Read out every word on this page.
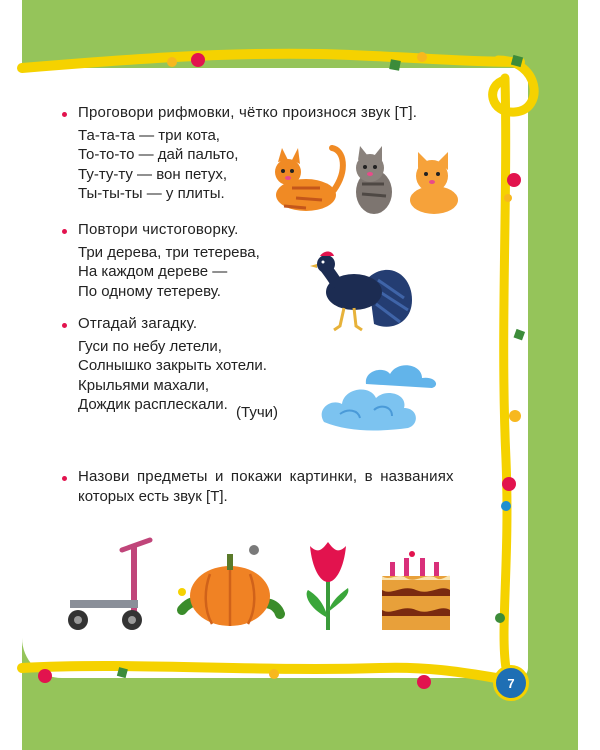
Проговори рифмовки, чётко произнося звук [Т].
Та-та-та — три кота,
То-то-то — дай пальто,
Ту-ту-ту — вон петух,
Ты-ты-ты — у плиты.
Повтори чистоговорку.
Три дерева, три тетерева,
На каждом дереве —
По одному тетереву.
Отгадай загадку.
Гуси по небу летели,
Солнышко закрыть хотели.
Крыльями махали,
Дождик расплескали. (Тучи)
Назови предметы и покажи картинки, в названиях
которых есть звук [Т].
7
